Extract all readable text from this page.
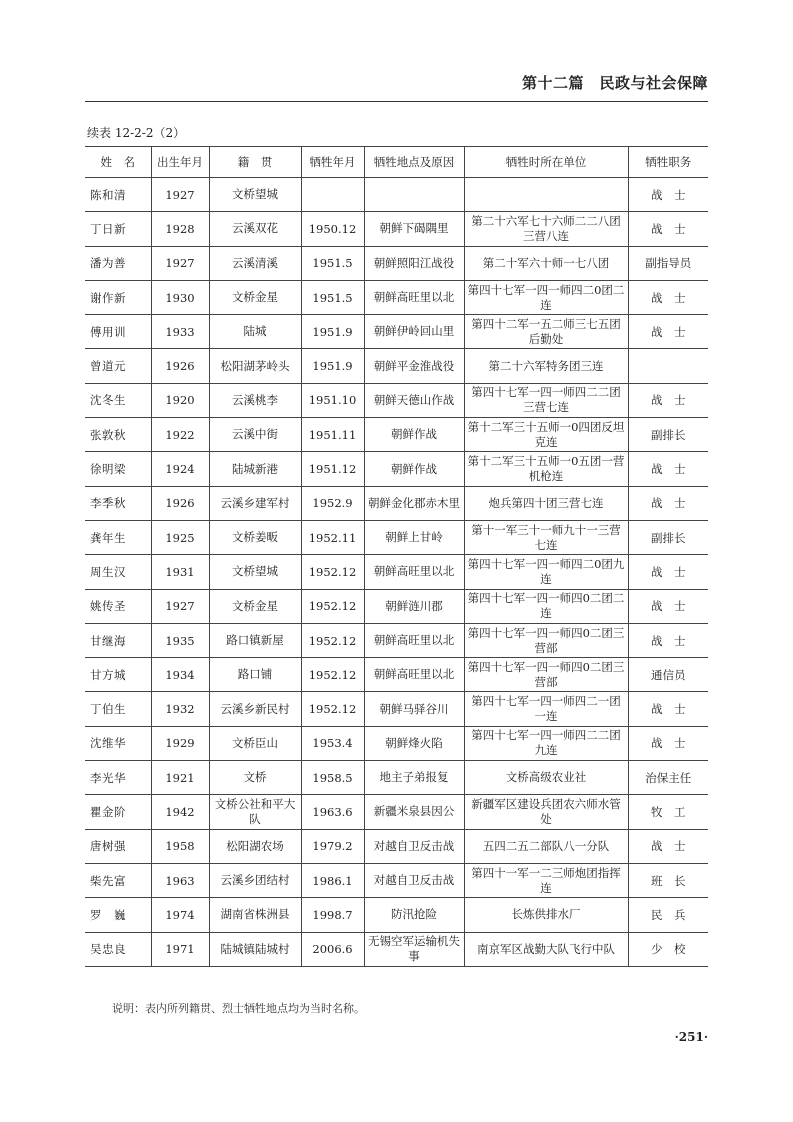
第十二篇　民政与社会保障
续表 12-2-2（2）
姓　名	出生年月	籍　贯	牺牲年月	牺牲地点及原因	牺牲时所在单位	牺牲职务
陈和清	1927	文桥望城				战　士
丁日新	1928	云溪双花	1950.12	朝鲜下碣隅里	第二十六军七十六师二二八团三营八连	战　士
潘为善	1927	云溪清溪	1951.5	朝鲜照阳江战役	第二十军六十师一七八团	副指导员
谢作新	1930	文桥金星	1951.5	朝鲜高旺里以北	第四十七军一四一师四二0团二连	战　士
傅用训	1933	陆城	1951.9	朝鲜伊岭回山里	第四十二军一五二师三七五团后勤处	战　士
曾道元	1926	松阳湖茅岭头	1951.9	朝鲜平金淮战役	第二十六军特务团三连	
沈冬生	1920	云溪桃李	1951.10	朝鲜天德山作战	第四十七军一四一师四二二团三营七连	战　士
张敦秋	1922	云溪中街	1951.11	朝鲜作战	第十二军三十五师一0四团反坦克连	副排长
徐明梁	1924	陆城新港	1951.12	朝鲜作战	第十二军三十五师一0五团一营机枪连	战　士
李季秋	1926	云溪乡建军村	1952.9	朝鲜金化郡赤木里	炮兵第四十团三营七连	战　士
龚年生	1925	文桥姜畈	1952.11	朝鲜上甘岭	第十一军三十一师九十一三营七连	副排长
周生汉	1931	文桥望城	1952.12	朝鲜高旺里以北	第四十七军一四一师四二0团九连	战　士
姚传圣	1927	文桥金星	1952.12	朝鲜涟川郡	第四十七军一四一师四0二团二连	战　士
甘继海	1935	路口镇新屋	1952.12	朝鲜高旺里以北	第四十七军一四一师四0二团三营部	战　士
甘方城	1934	路口铺	1952.12	朝鲜高旺里以北	第四十七军一四一师四0二团三营部	通信员
丁伯生	1932	云溪乡新民村	1952.12	朝鲜马驿谷川	第四十七军一四一师四二一团一连	战　士
沈维华	1929	文桥臣山	1953.4	朝鲜烽火陷	第四十七军一四一师四二二团九连	战　士
李光华	1921	文桥	1958.5	地主子弟报复	文桥高级农业社	治保主任
瞿金阶	1942	文桥公社和平大队	1963.6	新疆米泉县因公	新疆军区建设兵团农六师水管处	牧　工
唐树强	1958	松阳湖农场	1979.2	对越自卫反击战	五四二五二部队八一分队	战　士
柴先富	1963	云溪乡团结村	1986.1	对越自卫反击战	第四十一军一二三师炮团指挥连	班　长
罗　巍	1974	湖南省株洲县	1998.7	防汛抢险	长炼供排水厂	民　兵
吴忠良	1971	陆城镇陆城村	2006.6	无锡空军运输机失事	南京军区战勤大队飞行中队	少　校
说明：表内所列籍贯、烈士牺牲地点均为当时名称。
·251·
